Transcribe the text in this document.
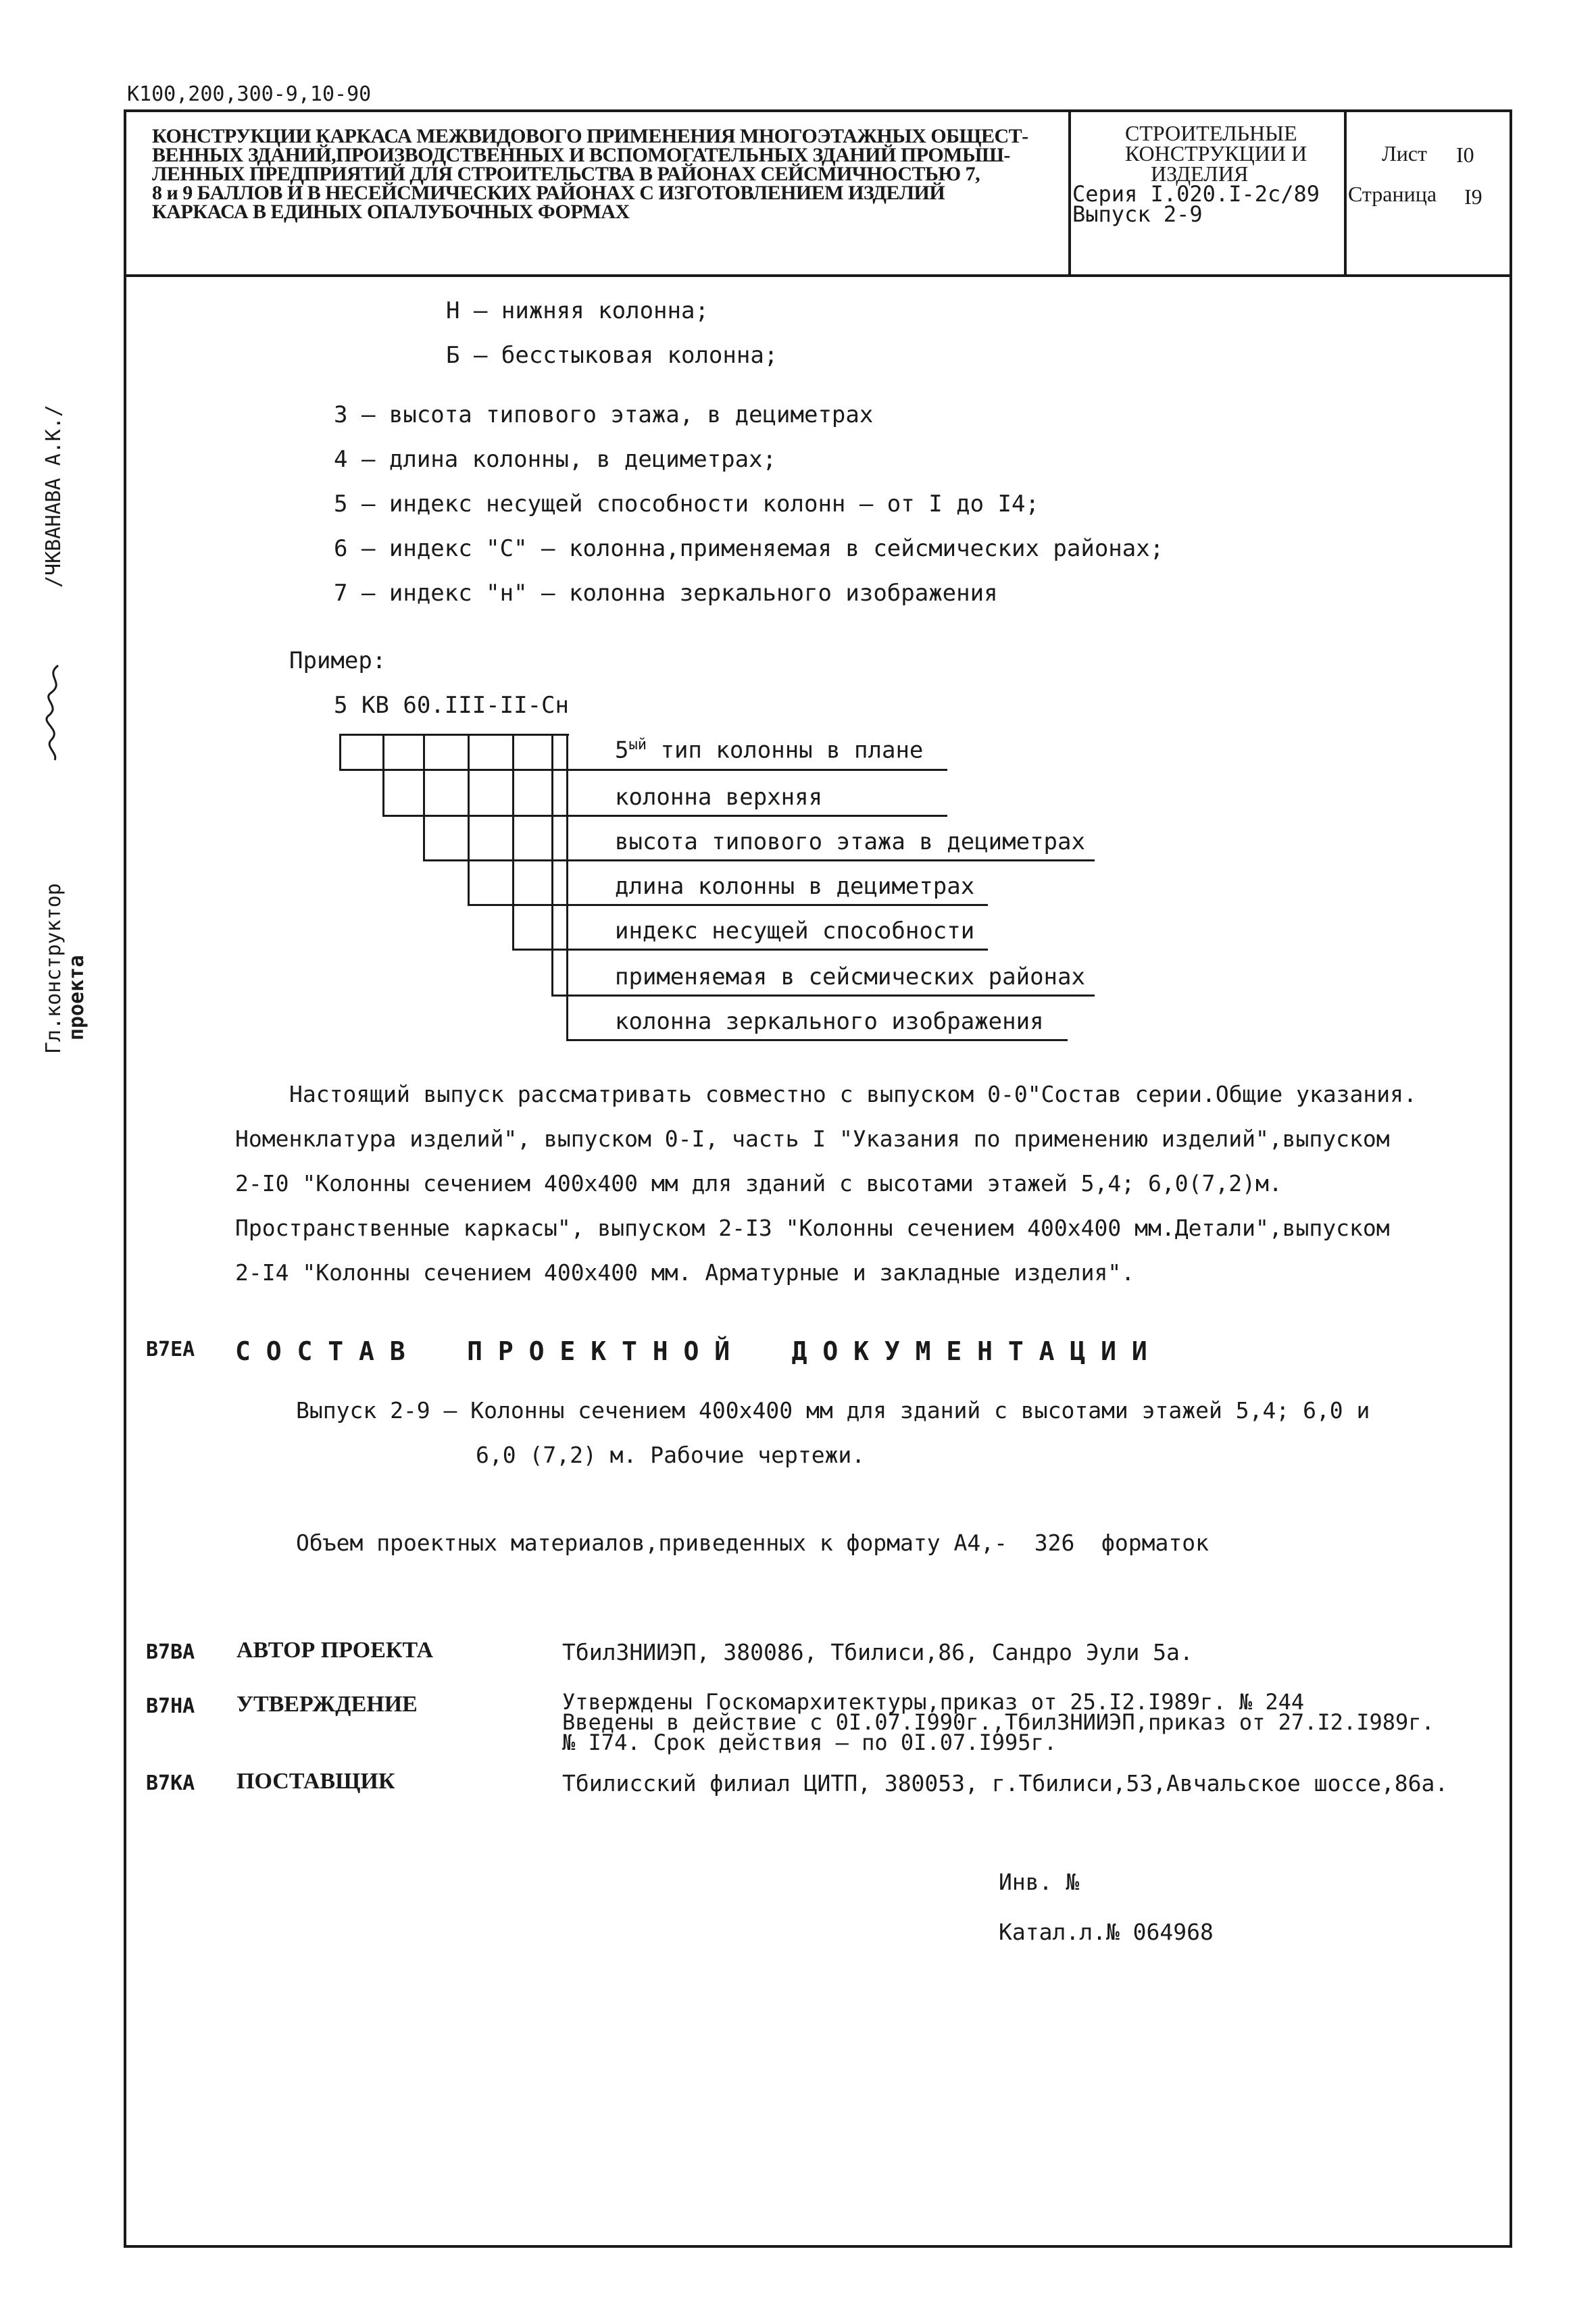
К100,200,300-9,10-90
/ЧКВАНАВА А.К./
Гл.конструктор проекта
КОНСТРУКЦИИ КАРКАСА МЕЖВИДОВОГО ПРИМЕНЕНИЯ МНОГОЭТАЖНЫХ ОБЩЕСТ-
ВЕННЫХ ЗДАНИЙ,ПРОИЗВОДСТВЕННЫХ И ВСПОМОГАТЕЛЬНЫХ ЗДАНИЙ ПРОМЫШ-
ЛЕННЫХ ПРЕДПРИЯТИЙ ДЛЯ СТРОИТЕЛЬСТВА В РАЙОНАХ СЕЙСМИЧНОСТЬЮ 7,
8 и 9 БАЛЛОВ И В НЕСЕЙСМИЧЕСКИХ РАЙОНАХ С ИЗГОТОВЛЕНИЕМ ИЗДЕЛИЙ
КАРКАСА В ЕДИНЫХ ОПАЛУБОЧНЫХ ФОРМАХ
СТРОИТЕЛЬНЫЕ
КОНСТРУКЦИИ И
ИЗДЕЛИЯ
Серия I.020.I-2с/89
Выпуск 2-9
Лист I0
Страница I9
Н – нижняя колонна;
Б – бесстыковая колонна;
3 – высота типового этажа, в дециметрах
4 – длина колонны, в дециметрах;
5 – индекс несущей способности колонн – от I до I4;
6 – индекс "С" – колонна,применяемая в сейсмических районах;
7 – индекс "н" – колонна зеркального изображения
Пример:
5 КВ 60.III-II-Сн
$5^{ый}$ тип колонны в плане
колонна верхняя
высота типового этажа в дециметрах
длина колонны в дециметрах
индекс несущей способности
применяемая в сейсмических районах
колонна зеркального изображения
Настоящий выпуск рассматривать совместно с выпуском 0-0"Состав серии.Общие указания.
Номенклатура изделий", выпуском 0-I, часть I "Указания по применению изделий",выпуском
2-I0 "Колонны сечением 400х400 мм для зданий с высотами этажей 5,4; 6,0(7,2)м.
Пространственные каркасы", выпуском 2-I3 "Колонны сечением 400х400 мм.Детали",выпуском
2-I4 "Колонны сечением 400х400 мм. Арматурные и закладные изделия".
В7ЕА С О С Т А В    П Р О Е К Т Н О Й    Д О К У М Е Н Т А Ц И И
Выпуск 2-9 – Колонны сечением 400х400 мм для зданий с высотами этажей 5,4; 6,0 и
6,0 (7,2) м. Рабочие чертежи.
Объем проектных материалов,приведенных к формату А4,-  326  форматок
В7ВА АВТОР ПРОЕКТА	ТбилЗНИИЭП, 380086, Тбилиси,86, Сандро Эули 5а.
В7НА УТВЕРЖДЕНИЕ	Утверждены Госкомархитектуры,приказ от 25.I2.I989г. № 244
Введены в действие с 0I.07.I990г.,ТбилЗНИИЭП,приказ от 27.I2.I989г.
№ I74. Срок действия – по 0I.07.I995г.
В7КА ПОСТАВЩИК	Тбилисский филиал ЦИТП, 380053, г.Тбилиси,53,Авчальское шоссе,86а.
Инв. №
Катал.л.№ 064968
